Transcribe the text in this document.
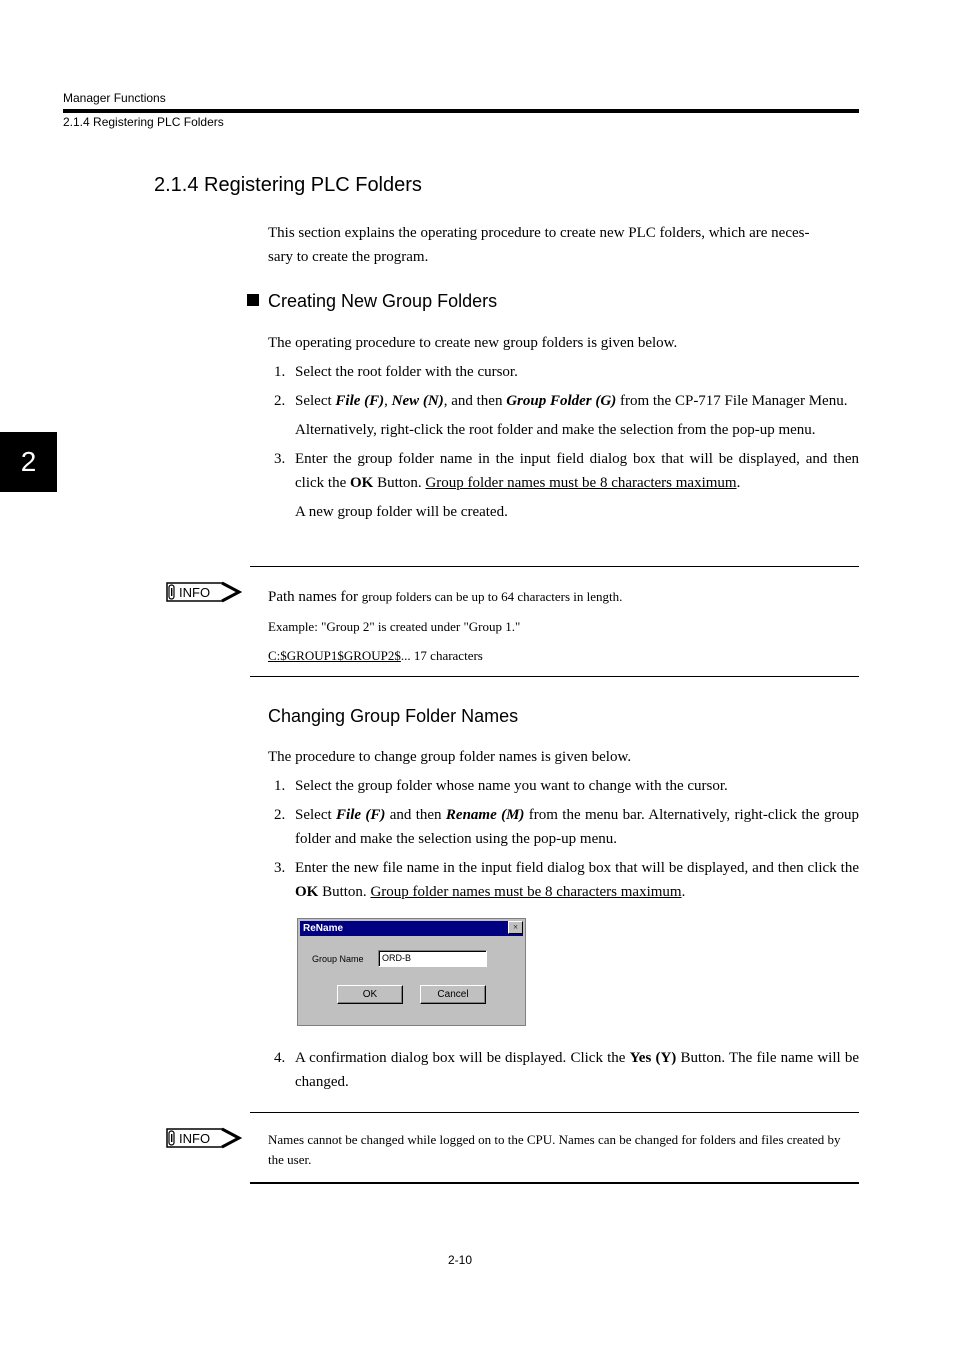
Manager Functions
2.1.4 Registering PLC Folders
2
2.1.4 Registering PLC Folders
This section explains the operating procedure to create new PLC folders, which are neces-
sary to create the program.
Creating New Group Folders
The operating procedure to create new group folders is given below.
1. Select the root folder with the cursor.
2. Select File (F), New (N), and then Group Folder (G) from the CP-717 File Manager Menu.
Alternatively, right-click the root folder and make the selection from the pop-up menu.
3. Enter the group folder name in the input field dialog box that will be displayed, and then click the OK Button. Group folder names must be 8 characters maximum.
A new group folder will be created.
INFO	Path names for group folders can be up to 64 characters in length.
Example: "Group 2" is created under "Group 1."
C:$GROUP1$GROUP2$... 17 characters
Changing Group Folder Names
The procedure to change group folder names is given below.
1. Select the group folder whose name you want to change with the cursor.
2. Select File (F) and then Rename (M) from the menu bar. Alternatively, right-click the group folder and make the selection using the pop-up menu.
3. Enter the new file name in the input field dialog box that will be displayed, and then click the OK Button. Group folder names must be 8 characters maximum.
ReName	×
Group Name	ORD-B
OK	Cancel
4. A confirmation dialog box will be displayed. Click the Yes (Y) Button. The file name will be changed.
INFO	Names cannot be changed while logged on to the CPU. Names can be changed for folders and files created by the user.
2-10
